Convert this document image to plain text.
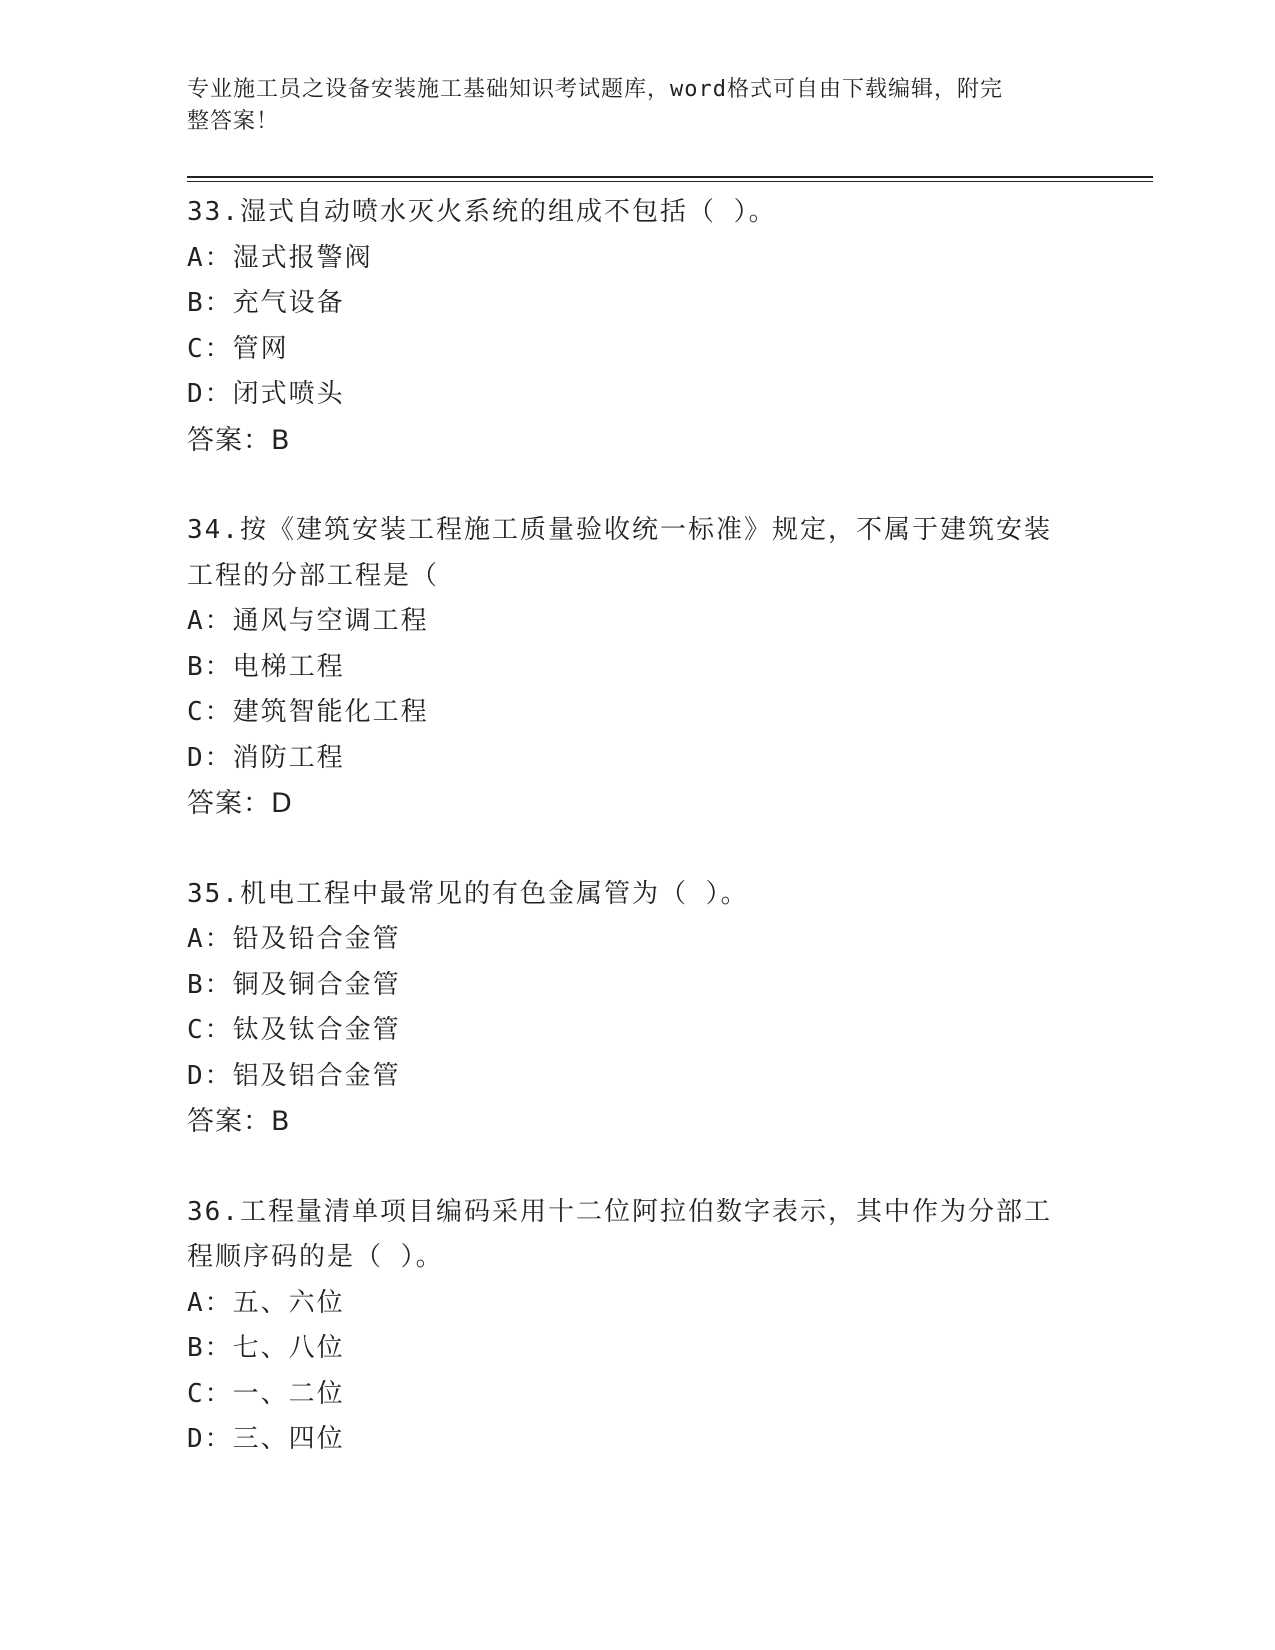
专业施工员之设备安装施工基础知识考试题库，word格式可自由下载编辑，附完
整答案！
33.湿式自动喷水灭火系统的组成不包括（ ）。
A：湿式报警阀
B：充气设备
C：管网
D：闭式喷头
答案：B
34.按《建筑安装工程施工质量验收统一标准》规定，不属于建筑安装
工程的分部工程是（
A：通风与空调工程
B：电梯工程
C：建筑智能化工程
D：消防工程
答案：D
35.机电工程中最常见的有色金属管为（ ）。
A：铅及铅合金管
B：铜及铜合金管
C：钛及钛合金管
D：铝及铝合金管
答案：B
36.工程量清单项目编码采用十二位阿拉伯数字表示，其中作为分部工
程顺序码的是（ ）。
A：五、六位
B：七、八位
C：一、二位
D：三、四位
